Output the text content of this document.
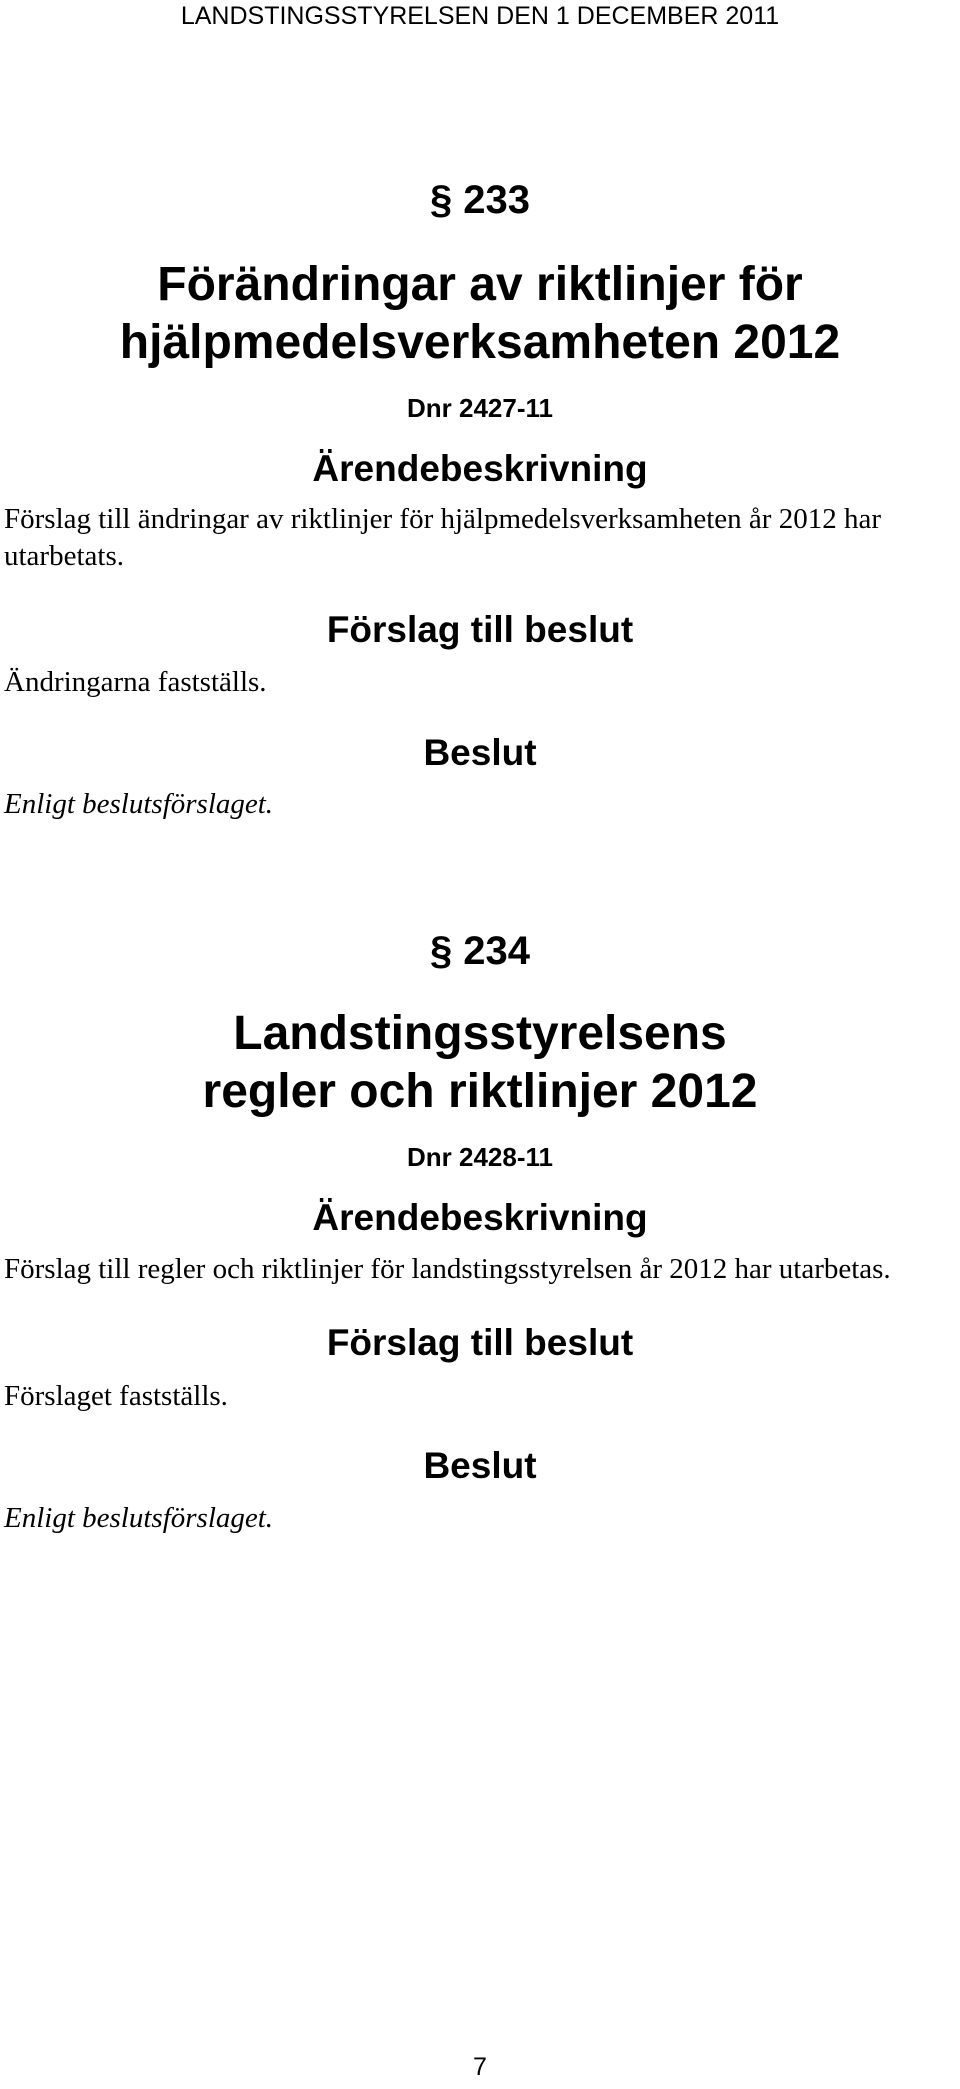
LANDSTINGSSTYRELSEN DEN 1 DECEMBER 2011
§ 233
Förändringar av riktlinjer för
hjälpmedelsverksamheten 2012
Dnr 2427-11
Ärendebeskrivning
Förslag till ändringar av riktlinjer för hjälpmedelsverksamheten år 2012 har
utarbetats.
Förslag till beslut
Ändringarna fastställs.
Beslut
Enligt beslutsförslaget.
§ 234
Landstingsstyrelsens
regler och riktlinjer 2012
Dnr 2428-11
Ärendebeskrivning
Förslag till regler och riktlinjer för landstingsstyrelsen år 2012 har utarbetas.
Förslag till beslut
Förslaget fastställs.
Beslut
Enligt beslutsförslaget.
7
